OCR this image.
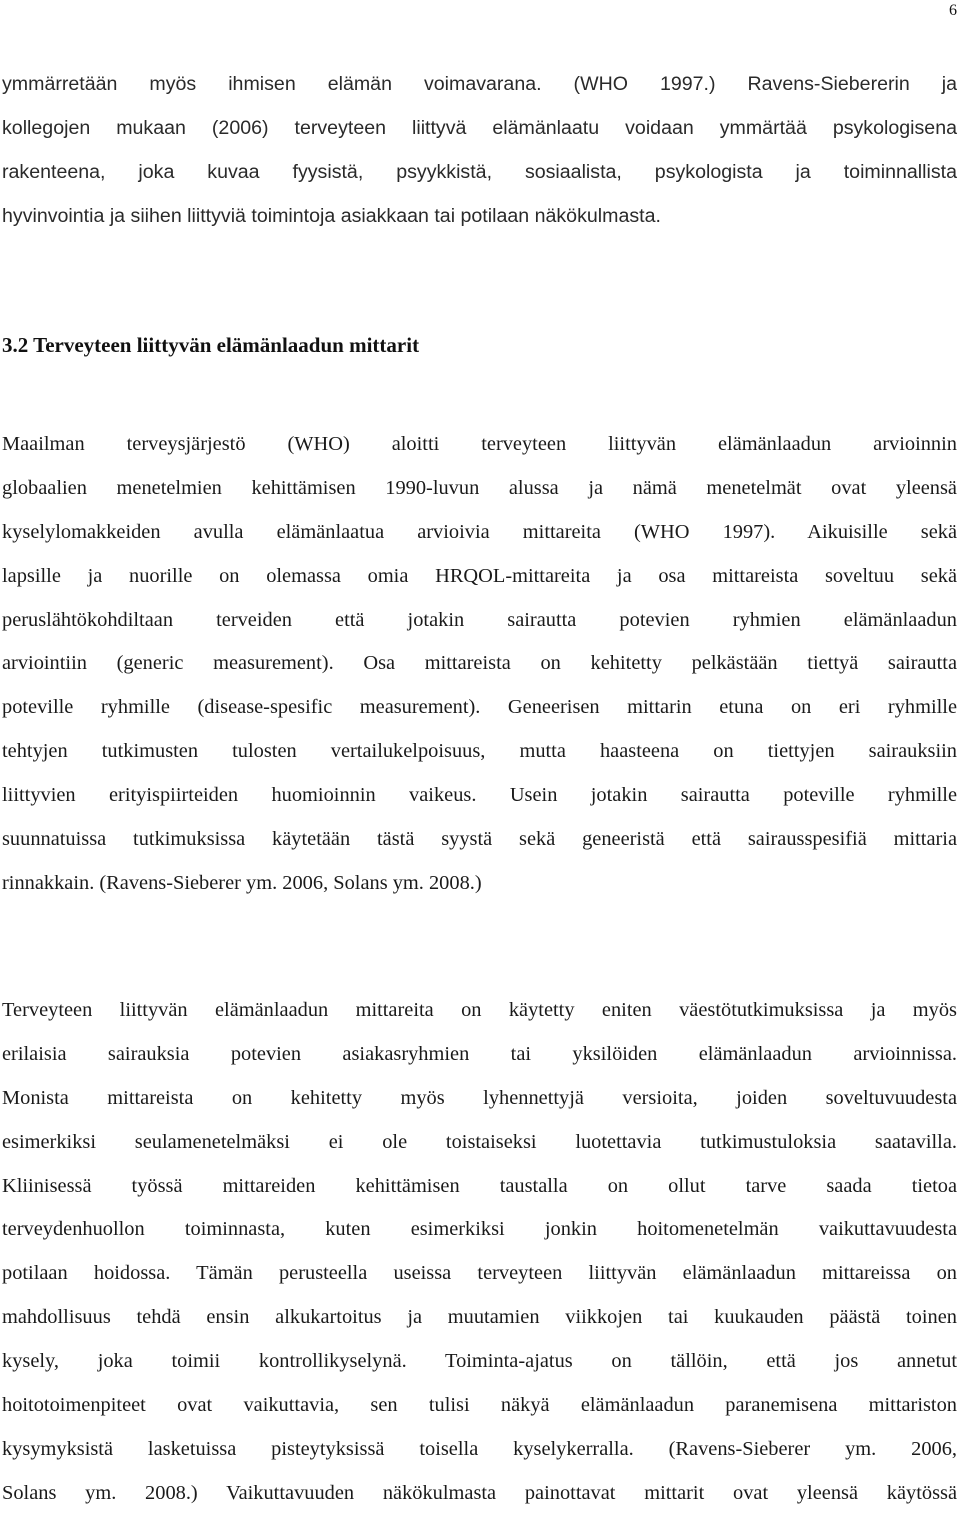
6
ymmärretään myös ihmisen elämän voimavarana. (WHO 1997.) Ravens-Siebererin ja
kollegojen mukaan (2006) terveyteen liittyvä elämänlaatu voidaan ymmärtää psykologisena
rakenteena, joka kuvaa fyysistä, psyykkistä, sosiaalista, psykologista ja toiminnallista
hyvinvointia ja siihen liittyviä toimintoja asiakkaan tai potilaan näkökulmasta.
3.2 Terveyteen liittyvän elämänlaadun mittarit
Maailman terveysjärjestö (WHO) aloitti terveyteen liittyvän elämänlaadun arvioinnin
globaalien menetelmien kehittämisen 1990-luvun alussa ja nämä menetelmät ovat yleensä
kyselylomakkeiden avulla elämänlaatua arvioivia mittareita (WHO 1997). Aikuisille sekä
lapsille ja nuorille on olemassa omia HRQOL-mittareita ja osa mittareista soveltuu sekä
peruslähtökohdiltaan terveiden että jotakin sairautta potevien ryhmien elämänlaadun
arviointiin (generic measurement). Osa mittareista on kehitetty pelkästään tiettyä sairautta
poteville ryhmille (disease-spesific measurement). Geneerisen mittarin etuna on eri ryhmille
tehtyjen tutkimusten tulosten vertailukelpoisuus, mutta haasteena on tiettyjen sairauksiin
liittyvien erityispiirteiden huomioinnin vaikeus. Usein jotakin sairautta poteville ryhmille
suunnatuissa tutkimuksissa käytetään tästä syystä sekä geneeristä että sairausspesifiä mittaria
rinnakkain. (Ravens-Sieberer ym. 2006, Solans ym. 2008.)
Terveyteen liittyvän elämänlaadun mittareita on käytetty eniten väestötutkimuksissa ja myös
erilaisia sairauksia potevien asiakasryhmien tai yksilöiden elämänlaadun arvioinnissa.
Monista mittareista on kehitetty myös lyhennettyjä versioita, joiden soveltuvuudesta
esimerkiksi seulamenetelmäksi ei ole toistaiseksi luotettavia tutkimustuloksia saatavilla.
Kliinisessä työssä mittareiden kehittämisen taustalla on ollut tarve saada tietoa
terveydenhuollon toiminnasta, kuten esimerkiksi jonkin hoitomenetelmän vaikuttavuudesta
potilaan hoidossa. Tämän perusteella useissa terveyteen liittyvän elämänlaadun mittareissa on
mahdollisuus tehdä ensin alkukartoitus ja muutamien viikkojen tai kuukauden päästä toinen
kysely, joka toimii kontrollikyselynä. Toiminta-ajatus on tällöin, että jos annetut
hoitotoimenpiteet ovat vaikuttavia, sen tulisi näkyä elämänlaadun paranemisena mittariston
kysymyksistä lasketuissa pisteytyksissä toisella kyselykerralla. (Ravens-Sieberer ym. 2006,
Solans ym. 2008.) Vaikuttavuuden näkökulmasta painottavat mittarit ovat yleensä käytössä
